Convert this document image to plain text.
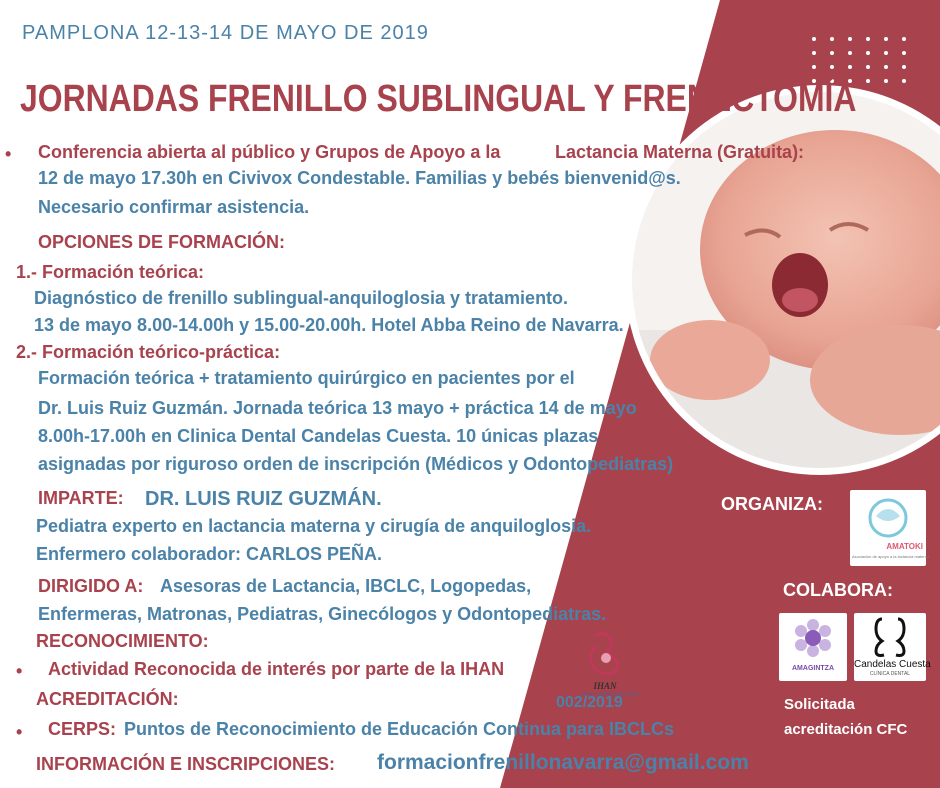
PAMPLONA 12-13-14 DE MAYO DE 2019
JORNADAS FRENILLO SUBLINGUAL Y FRENECTOMÍA
• Conferencia abierta al público y Grupos de Apoyo a la	Lactancia Materna (Gratuita):
12 de mayo 17.30h en Civivox Condestable. Familias y bebés bienvenid@s.
Necesario confirmar asistencia.
OPCIONES DE FORMACIÓN:
1.- Formación teórica:
Diagnóstico de frenillo sublingual-anquiloglosia y tratamiento.
13 de mayo 8.00-14.00h y 15.00-20.00h. Hotel Abba Reino de Navarra.
2.- Formación teórico-práctica:
Formación teórica + tratamiento quirúrgico en pacientes por el
Dr. Luis Ruiz Guzmán. Jornada teórica 13 mayo + práctica 14 de mayo
8.00h-17.00h en Clinica Dental Candelas Cuesta. 10 únicas plazas
asignadas por riguroso orden de inscripción (Médicos y Odontopediatras)
IMPARTE: DR. LUIS RUIZ GUZMÁN.
Pediatra experto en lactancia materna y cirugía de anquiloglosia.
Enfermero colaborador: CARLOS PEÑA.
DIRIGIDO A: Asesoras de Lactancia, IBCLC, Logopedas,
Enfermeras, Matronas, Pediatras, Ginecólogos y Odontopediatras.
RECONOCIMIENTO:
• Actividad Reconocida de interés por parte de la IHAN
IHAN
unicef · iniciativa hospital amigo
002/2019
ACREDITACIÓN:
• CERPS: Puntos de Reconocimiento de Educación Continua para IBCLCs
INFORMACIÓN E INSCRIPCIONES: formacionfrenillonavarra@gmail.com
ORGANIZA:
AMATOKI
Asociación de apoyo a la lactancia materna
COLABORA:
AMAGINTZA	Candelas Cuesta
CLÍNICA DENTAL
Solicitada
acreditación CFC
